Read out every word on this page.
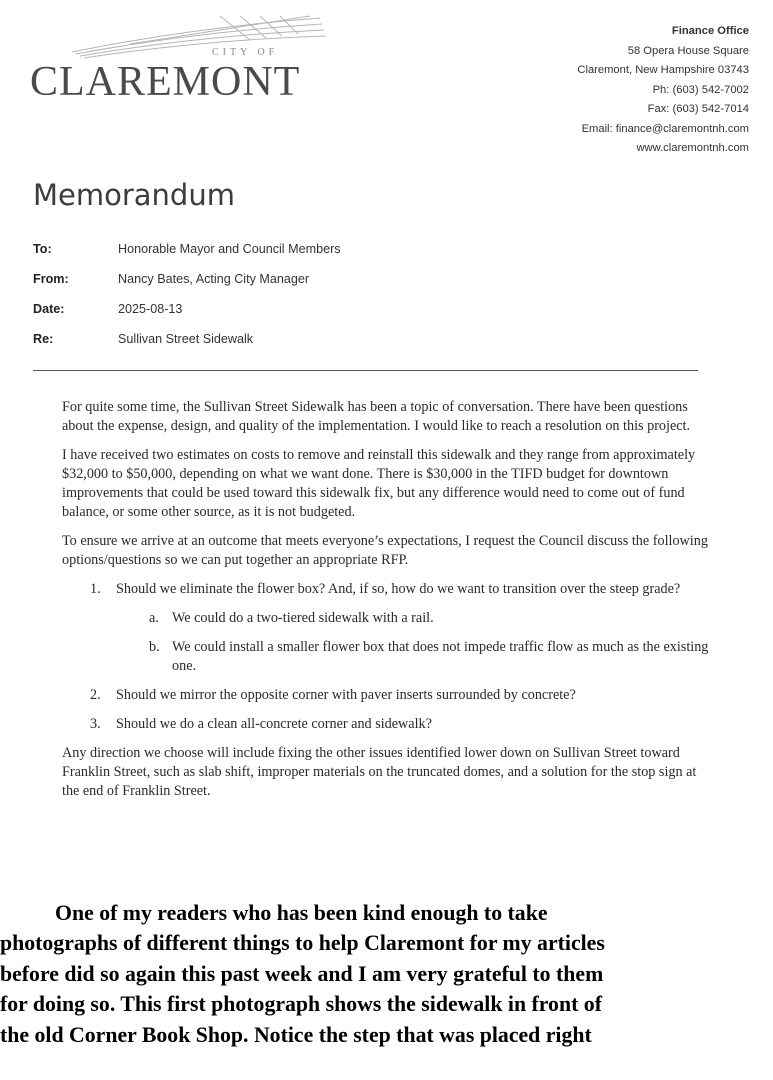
CITY OF
CLAREMONT
Finance Office
58 Opera House Square
Claremont, New Hampshire 03743
Ph: (603) 542-7002
Fax: (603) 542-7014
Email: finance@claremontnh.com
www.claremontnh.com
Memorandum
To:	Honorable Mayor and Council Members
From:	Nancy Bates, Acting City Manager
Date:	2025-08-13
Re:	Sullivan Street Sidewalk

For quite some time, the Sullivan Street Sidewalk has been a topic of conversation. There have been questions about the expense, design, and quality of the implementation. I would like to reach a resolution on this project.

I have received two estimates on costs to remove and reinstall this sidewalk and they range from approximately $32,000 to $50,000, depending on what we want done. There is $30,000 in the TIFD budget for downtown improvements that could be used toward this sidewalk fix, but any difference would need to come out of fund balance, or some other source, as it is not budgeted.

To ensure we arrive at an outcome that meets everyone’s expectations, I request the Council discuss the following options/questions so we can put together an appropriate RFP.

1. Should we eliminate the flower box? And, if so, how do we want to transition over the steep grade?
a. We could do a two-tiered sidewalk with a rail.
b. We could install a smaller flower box that does not impede traffic flow as much as the existing one.
2. Should we mirror the opposite corner with paver inserts surrounded by concrete?
3. Should we do a clean all-concrete corner and sidewalk?

Any direction we choose will include fixing the other issues identified lower down on Sullivan Street toward Franklin Street, such as slab shift, improper materials on the truncated domes, and a solution for the stop sign at the end of Franklin Street.

One of my readers who has been kind enough to take
photographs of different things to help Claremont for my articles
before did so again this past week and I am very grateful to them
for doing so. This first photograph shows the sidewalk in front of
the old Corner Book Shop. Notice the step that was placed right
